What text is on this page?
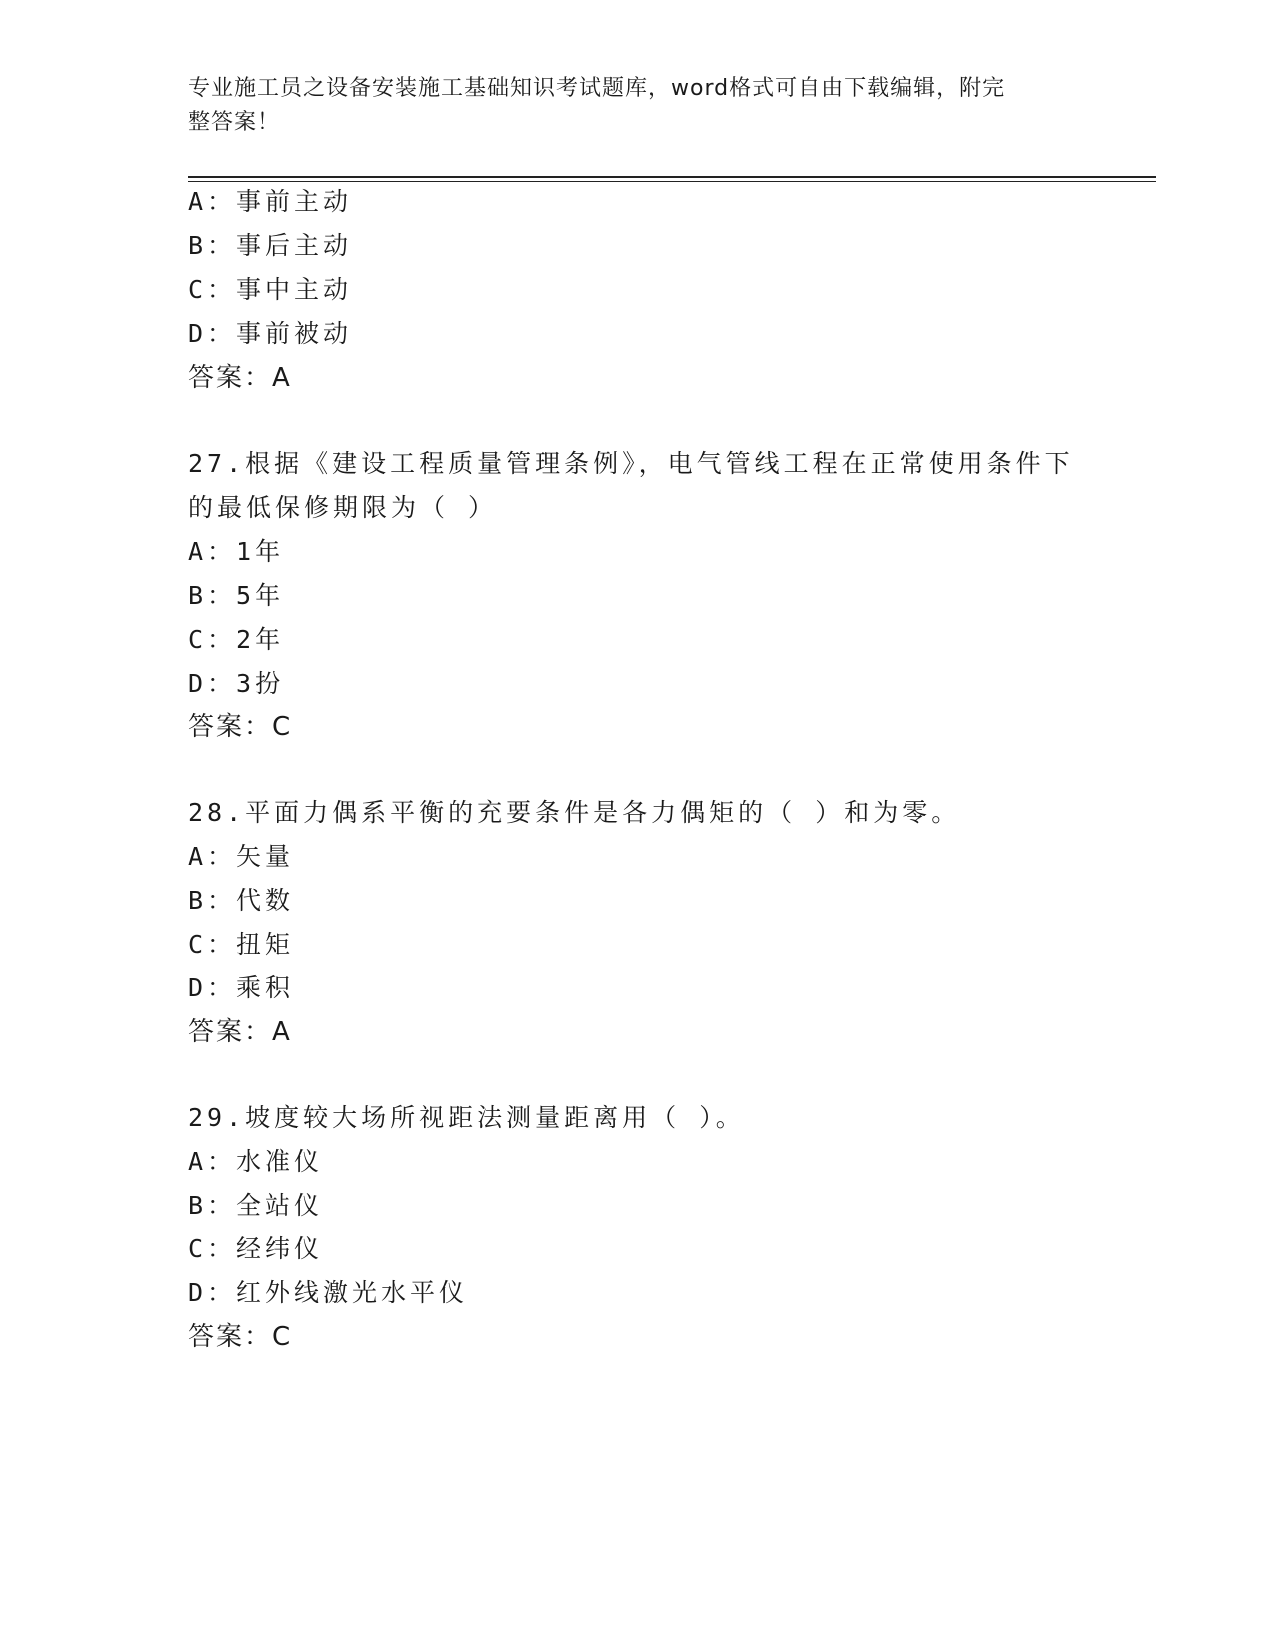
专业施工员之设备安装施工基础知识考试题库，word格式可自由下载编辑，附完
整答案！
A：事前主动
B：事后主动
C：事中主动
D：事前被动
答案：A
27.根据《建设工程质量管理条例》，电气管线工程在正常使用条件下
的最低保修期限为（ ）
A：1年
B：5年
C：2年
D：3扮
答案：C
28.平面力偶系平衡的充要条件是各力偶矩的（ ）和为零。
A：矢量
B：代数
C：扭矩
D：乘积
答案：A
29.坡度较大场所视距法测量距离用（ ）。
A：水准仪
B：全站仪
C：经纬仪
D：红外线激光水平仪
答案：C
